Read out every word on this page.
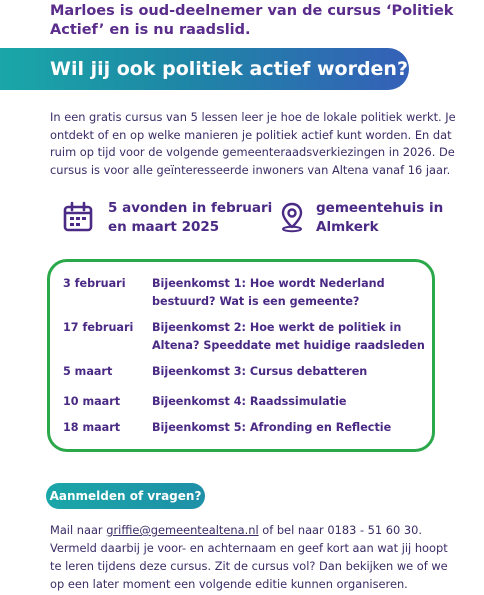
Marloes is oud-deelnemer van de cursus ‘Politiek Actief’ en is nu raadslid.
Wil jij ook politiek actief worden?
In een gratis cursus van 5 lessen leer je hoe de lokale politiek werkt. Je ontdekt of en op welke manieren je politiek actief kunt worden. En dat ruim op tijd voor de volgende gemeenteraadsverkiezingen in 2026. De cursus is voor alle geïnteresseerde inwoners van Altena vanaf 16 jaar.
5 avonden in februari en maart 2025
gemeentehuis in Almkerk
3 februari	Bijeenkomst 1: Hoe wordt Nederland bestuurd? Wat is een gemeente?
17 februari	Bijeenkomst 2: Hoe werkt de politiek in Altena? Speeddate met huidige raadsleden
5 maart	Bijeenkomst 3: Cursus debatteren
10 maart	Bijeenkomst 4: Raadssimulatie
18 maart	Bijeenkomst 5: Afronding en Reflectie
Aanmelden of vragen?
Mail naar griffie@gemeentealtena.nl of bel naar 0183 - 51 60 30. Vermeld daarbij je voor- en achternaam en geef kort aan wat jij hoopt te leren tijdens deze cursus. Zit de cursus vol? Dan bekijken we of we op een later moment een volgende editie kunnen organiseren.
